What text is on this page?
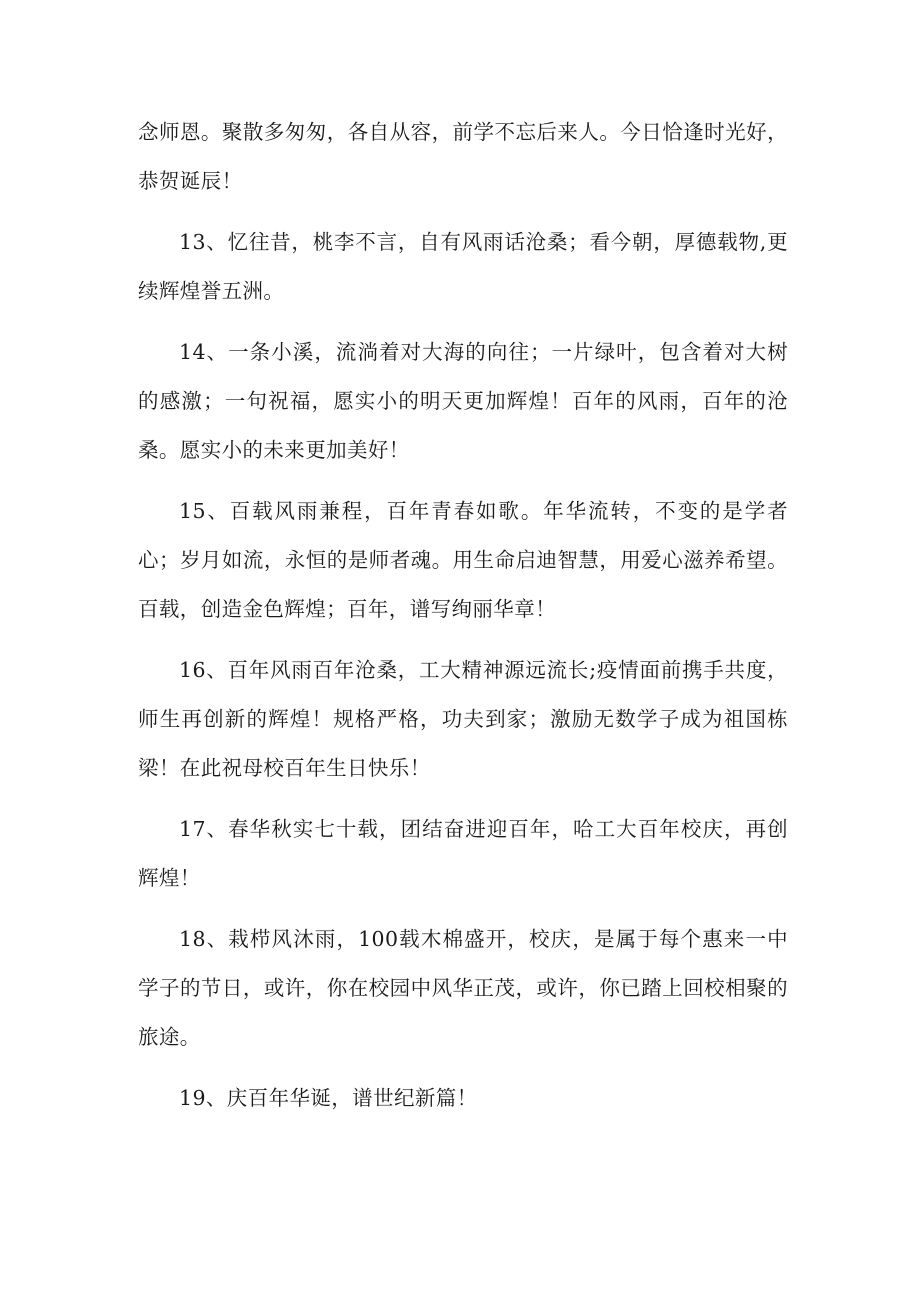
念师恩。聚散多匆匆，各自从容，前学不忘后来人。今日恰逢时光好，恭贺诞辰！

13、忆往昔，桃李不言，自有风雨话沧桑；看今朝，厚德载物,更续辉煌誉五洲。

14、一条小溪，流淌着对大海的向往；一片绿叶，包含着对大树的感激；一句祝福，愿实小的明天更加辉煌！百年的风雨，百年的沧桑。愿实小的未来更加美好！

15、百载风雨兼程，百年青春如歌。年华流转，不变的是学者心；岁月如流，永恒的是师者魂。用生命启迪智慧，用爱心滋养希望。百载，创造金色辉煌；百年，谱写绚丽华章！

16、百年风雨百年沧桑，工大精神源远流长;疫情面前携手共度，师生再创新的辉煌！规格严格，功夫到家；激励无数学子成为祖国栋梁！在此祝母校百年生日快乐！

17、春华秋实七十载，团结奋进迎百年，哈工大百年校庆，再创辉煌！

18、栽栉风沐雨，100载木棉盛开，校庆，是属于每个惠来一中学子的节日，或许，你在校园中风华正茂，或许，你已踏上回校相聚的旅途。

19、庆百年华诞，谱世纪新篇！
